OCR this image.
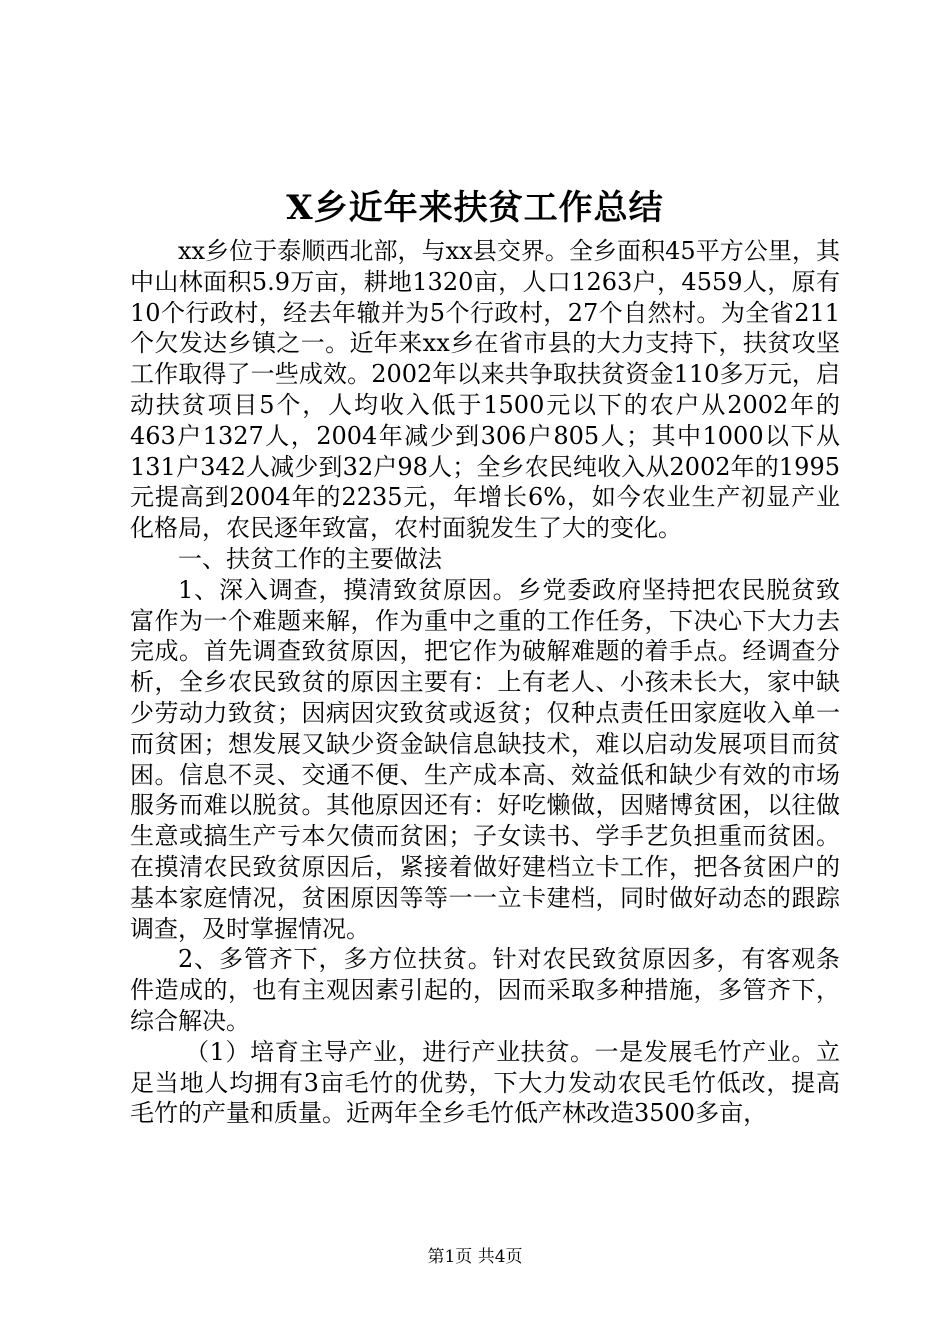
X乡近年来扶贫工作总结

xx乡位于泰顺西北部，与xx县交界。全乡面积45平方公里，其中山林面积5.9万亩，耕地1320亩，人口1263户，4559人，原有10个行政村，经去年辙并为5个行政村，27个自然村。为全省211个欠发达乡镇之一。近年来xx乡在省市县的大力支持下，扶贫攻坚工作取得了一些成效。2002年以来共争取扶贫资金110多万元，启动扶贫项目5个，人均收入低于1500元以下的农户从2002年的463户1327人，2004年减少到306户805人；其中1000以下从131户342人减少到32户98人；全乡农民纯收入从2002年的1995元提高到2004年的2235元，年增长6%，如今农业生产初显产业化格局，农民逐年致富，农村面貌发生了大的变化。

一、扶贫工作的主要做法

1、深入调查，摸清致贫原因。乡党委政府坚持把农民脱贫致富作为一个难题来解，作为重中之重的工作任务，下决心下大力去完成。首先调查致贫原因，把它作为破解难题的着手点。经调查分析，全乡农民致贫的原因主要有：上有老人、小孩未长大，家中缺少劳动力致贫；因病因灾致贫或返贫；仅种点责任田家庭收入单一而贫困；想发展又缺少资金缺信息缺技术，难以启动发展项目而贫困。信息不灵、交通不便、生产成本高、效益低和缺少有效的市场服务而难以脱贫。其他原因还有：好吃懒做，因赌博贫困，以往做生意或搞生产亏本欠债而贫困；子女读书、学手艺负担重而贫困。在摸清农民致贫原因后，紧接着做好建档立卡工作，把各贫困户的基本家庭情况，贫困原因等等一一立卡建档，同时做好动态的跟踪调查，及时掌握情况。

2、多管齐下，多方位扶贫。针对农民致贫原因多，有客观条件造成的，也有主观因素引起的，因而采取多种措施，多管齐下，综合解决。

（1）培育主导产业，进行产业扶贫。一是发展毛竹产业。立足当地人均拥有3亩毛竹的优势，下大力发动农民毛竹低改，提高毛竹的产量和质量。近两年全乡毛竹低产林改造3500多亩，

第1页 共4页
